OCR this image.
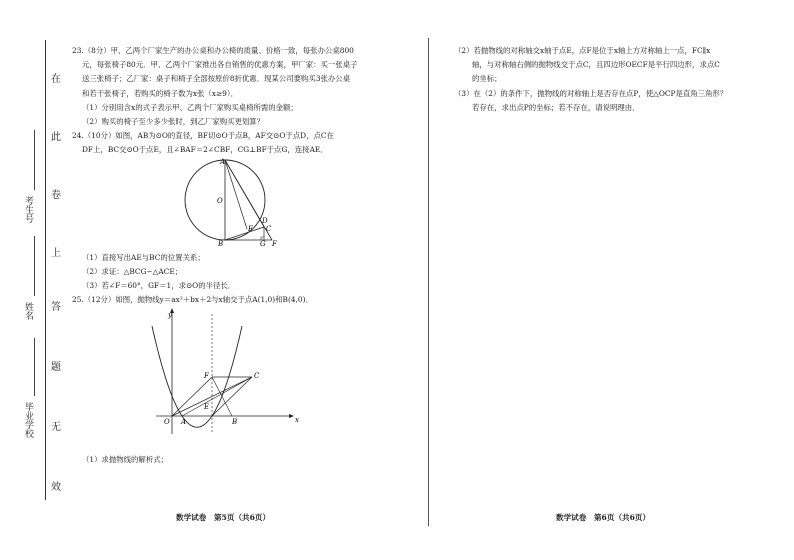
在
此
卷
上
答
题
无
效
考生号
姓名
毕业学校

23.（8分）甲、乙两个厂家生产的办公桌和办公椅的质量、价格一致，每张办公桌800

元，每张椅子80元．甲、乙两个厂家推出各自销售的优惠方案，甲厂家：买一张桌子

送三张椅子；乙厂家：桌子和椅子全部按原价8折优惠．现某公司要购买3张办公桌

和若干张椅子，若购买的椅子数为x张（x≥9）．

（1）分别用含x的式子表示甲、乙两个厂家购买桌椅所需的金额；

（2）购买的椅子至少多少张时，到乙厂家购买更划算？

24.（10分）如图，AB为⊙O的直径，BF切⊙O于点B，AF交⊙O于点D，点C在

DF上，BC交⊙O于点E，且∠BAF＝2∠CBF，CG⊥BF于点G，连接AE．

A
O
D
E C
B	G F

（1）直接写出AE与BC的位置关系；

（2）求证：△BCG∽△ACE；

（3）若∠F＝60°，GF＝1，求⊙O的半径长．

25.（12分）如图，抛物线y＝ax²＋bx＋2与x轴交于点A(1,0)和B(4,0)．

y
x
O A	B
E
F	C

（1）求抛物线的解析式；

数学试卷　第5页（共6页）

（2）若抛物线的对称轴交x轴于点E，点F是位于x轴上方对称轴上一点，FC∥x

轴，与对称轴右侧的抛物线交于点C，且四边形OECF是平行四边形，求点C

的坐标；

（3）在（2）的条件下，抛物线的对称轴上是否存在点P，使△OCP是直角三角形？

若存在，求出点P的坐标；若不存在，请说明理由．

数学试卷　第6页（共6页）
